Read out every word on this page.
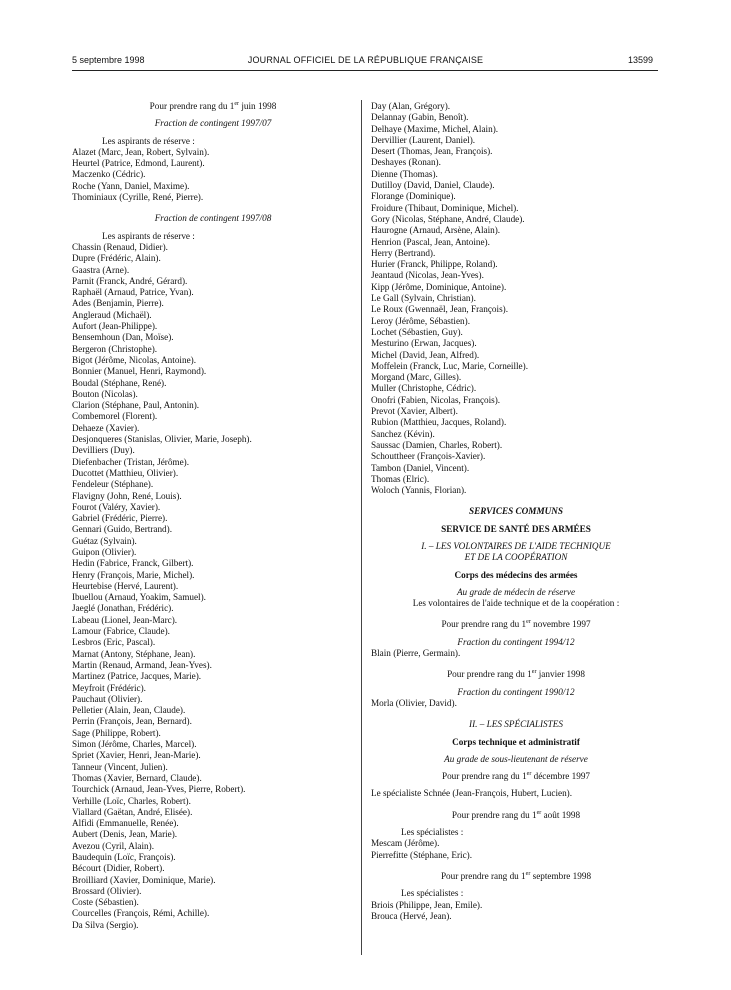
5 septembre 1998	JOURNAL OFFICIEL DE LA RÉPUBLIQUE FRANÇAISE	13599
Pour prendre rang du 1er juin 1998
Fraction de contingent 1997/07
Les aspirants de réserve :
Alazet (Marc, Jean, Robert, Sylvain).
Heurtel (Patrice, Edmond, Laurent).
Maczenko (Cédric).
Roche (Yann, Daniel, Maxime).
Thominiaux (Cyrille, René, Pierre).
Fraction de contingent 1997/08
Les aspirants de réserve :
Chassin (Renaud, Didier).
Dupre (Frédéric, Alain).
Gaastra (Arne).
Parnit (Franck, André, Gérard).
Raphaël (Arnaud, Patrice, Yvan).
Ades (Benjamin, Pierre).
Angleraud (Michaël).
Aufort (Jean-Philippe).
Bensemhoun (Dan, Moïse).
Bergeron (Christophe).
Bigot (Jérôme, Nicolas, Antoine).
Bonnier (Manuel, Henri, Raymond).
Boudal (Stéphane, René).
Bouton (Nicolas).
Clarion (Stéphane, Paul, Antonin).
Combemorel (Florent).
Dehaeze (Xavier).
Desjonqueres (Stanislas, Olivier, Marie, Joseph).
Devilliers (Duy).
Diefenbacher (Tristan, Jérôme).
Ducottet (Matthieu, Olivier).
Fendeleur (Stéphane).
Flavigny (John, René, Louis).
Fourot (Valéry, Xavier).
Gabriel (Frédéric, Pierre).
Gennari (Guido, Bertrand).
Guétaz (Sylvain).
Guipon (Olivier).
Hedin (Fabrice, Franck, Gilbert).
Henry (François, Marie, Michel).
Heurtebise (Hervé, Laurent).
Ibuellou (Arnaud, Yoakim, Samuel).
Jaeglé (Jonathan, Frédéric).
Labeau (Lionel, Jean-Marc).
Lamour (Fabrice, Claude).
Lesbros (Eric, Pascal).
Marnat (Antony, Stéphane, Jean).
Martin (Renaud, Armand, Jean-Yves).
Martinez (Patrice, Jacques, Marie).
Meyfroit (Frédéric).
Pauchaut (Olivier).
Pelletier (Alain, Jean, Claude).
Perrin (François, Jean, Bernard).
Sage (Philippe, Robert).
Simon (Jérôme, Charles, Marcel).
Spriet (Xavier, Henri, Jean-Marie).
Tanneur (Vincent, Julien).
Thomas (Xavier, Bernard, Claude).
Tourchick (Arnaud, Jean-Yves, Pierre, Robert).
Verhille (Loïc, Charles, Robert).
Viallard (Gaëtan, André, Elisée).
Alfidi (Emmanuelle, Renée).
Aubert (Denis, Jean, Marie).
Avezou (Cyril, Alain).
Baudequin (Loïc, François).
Bécourt (Didier, Robert).
Broilliard (Xavier, Dominique, Marie).
Brossard (Olivier).
Coste (Sébastien).
Courcelles (François, Rémi, Achille).
Da Silva (Sergio).
Day (Alan, Grégory).
Delannay (Gabin, Benoît).
Delhaye (Maxime, Michel, Alain).
Dervillier (Laurent, Daniel).
Desert (Thomas, Jean, François).
Deshayes (Ronan).
Dienne (Thomas).
Dutilloy (David, Daniel, Claude).
Florange (Dominique).
Froidure (Thibaut, Dominique, Michel).
Gory (Nicolas, Stéphane, André, Claude).
Haurogne (Arnaud, Arsène, Alain).
Henrion (Pascal, Jean, Antoine).
Herry (Bertrand).
Hurier (Franck, Philippe, Roland).
Jeantaud (Nicolas, Jean-Yves).
Kipp (Jérôme, Dominique, Antoine).
Le Gall (Sylvain, Christian).
Le Roux (Gwennaël, Jean, François).
Leroy (Jérôme, Sébastien).
Lochet (Sébastien, Guy).
Mesturino (Erwan, Jacques).
Michel (David, Jean, Alfred).
Moffelein (Franck, Luc, Marie, Corneille).
Morgand (Marc, Gilles).
Muller (Christophe, Cédric).
Onofri (Fabien, Nicolas, François).
Prevot (Xavier, Albert).
Rubion (Matthieu, Jacques, Roland).
Sanchez (Kévin).
Saussac (Damien, Charles, Robert).
Schouttheer (François-Xavier).
Tambon (Daniel, Vincent).
Thomas (Elric).
Woloch (Yannis, Florian).
SERVICES COMMUNS
SERVICE DE SANTÉ DES ARMÉES
I. – LES VOLONTAIRES DE L'AIDE TECHNIQUE
ET DE LA COOPÉRATION
Corps des médecins des armées
Au grade de médecin de réserve
Les volontaires de l'aide technique et de la coopération :
Pour prendre rang du 1er novembre 1997
Fraction du contingent 1994/12
Blain (Pierre, Germain).
Pour prendre rang du 1er janvier 1998
Fraction du contingent 1990/12
Morla (Olivier, David).
II. – LES SPÉCIALISTES
Corps technique et administratif
Au grade de sous-lieutenant de réserve
Pour prendre rang du 1er décembre 1997
Le spécialiste Schnée (Jean-François, Hubert, Lucien).
Pour prendre rang du 1er août 1998
Les spécialistes :
Mescam (Jérôme).
Pierrefitte (Stéphane, Eric).
Pour prendre rang du 1er septembre 1998
Les spécialistes :
Briois (Philippe, Jean, Emile).
Brouca (Hervé, Jean).
